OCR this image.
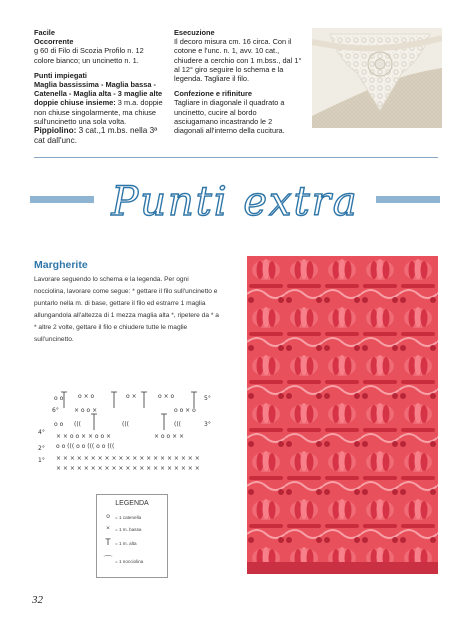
Facile
Occorrente
g 60 di Filo di Scozia Profilo n. 12 colore bianco; un uncinetto n. 1.
Punti impiegati
Maglia bassissima - Maglia bassa - Catenella - Maglia alta - 3 maglie alte doppie chiuse insieme: 3 m.a. doppie non chiuse singolarmente, ma chiuse sull'uncinetto una sola volta.
Pippiolino: 3 cat.,1 m.bs. nella 3ª cat dall'unc.
Esecuzione
Il decoro misura cm. 16 circa. Con il cotone e l'unc. n. 1, avv. 10 cat., chiudere a cerchio con 1 m.bss., dal 1° al 12° giro seguire lo schema e la legenda. Tagliare il filo.
Confezione e rifiniture
Tagliare in diagonale il quadrato a uncinetto, cucire al bordo asciugamano incastrando le 2 diagonali all'interno della cucitura.
Punti extra
Margherite
Lavorare seguendo lo schema e la legenda. Per ogni nocciolina, lavorare come segue: * gettare il filo sull'uncinetto e puntarlo nella m. di base, gettare il filo ed estrarre 1 maglia allungandola all'altezza di 1 mezza maglia alta *, ripetere da * a * altre 2 volte, gettare il filo e chiudere tutte le maglie sull'uncinetto.
o o o × o	o ×	o × o	5°
6°	× o o ×	o o × o
o o (((	(((	(((	3°
4°
× × o o × × o o ×	× o o × ×
o o ((( o o ((( o o (((
2°
× × × × × × × × × × × × × × × × × × × × ×
1°
× × × × × × × × × × × × × × × × × × × × ×
LEGENDA
o	= 1 catenella
×	= 1 m. bassa
T = 1 m. alta
⌒ = 1 nocciolina
32
